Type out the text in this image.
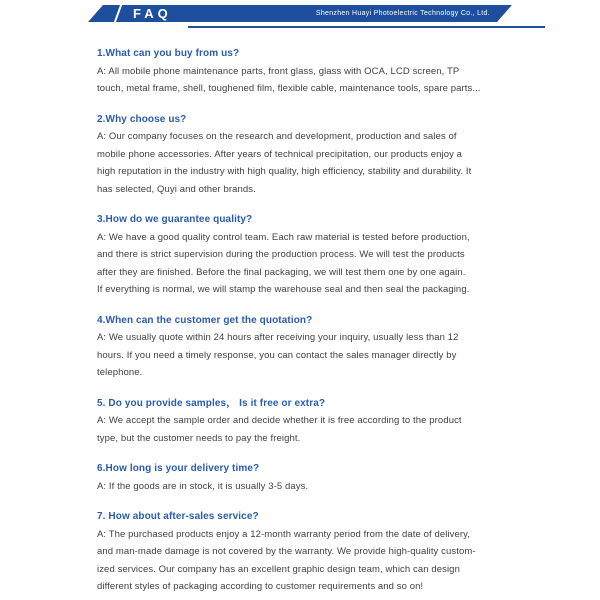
FAQ	Shenzhen Huayi Photoelectric Technology Co., Ltd.
1.What can you buy from us?
A: All mobile phone maintenance parts, front glass, glass with OCA, LCD screen, TP
touch, metal frame, shell, toughened film, flexible cable, maintenance tools, spare parts...
2.Why choose us?
A: Our company focuses on the research and development, production and sales of
mobile phone accessories. After years of technical precipitation, our products enjoy a
high reputation in the industry with high quality, high efficiency, stability and durability. It
has selected, Quyi and other brands.
3.How do we guarantee quality?
A: We have a good quality control team. Each raw material is tested before production,
and there is strict supervision during the production process. We will test the products
after they are finished. Before the final packaging, we will test them one by one again.
If everything is normal, we will stamp the warehouse seal and then seal the packaging.
4.When can the customer get the quotation?
A: We usually quote within 24 hours after receiving your inquiry, usually less than 12
hours. If you need a timely response, you can contact the sales manager directly by
telephone.
5. Do you provide samples， Is it free or extra?
A: We accept the sample order and decide whether it is free according to the product
type, but the customer needs to pay the freight.
6.How long is your delivery time?
A: If the goods are in stock, it is usually 3-5 days.
7. How about after-sales service?
A: The purchased products enjoy a 12-month warranty period from the date of delivery,
and man-made damage is not covered by the warranty. We provide high-quality custom-
ized services. Our company has an excellent graphic design team, which can design
different styles of packaging according to customer requirements and so on!
